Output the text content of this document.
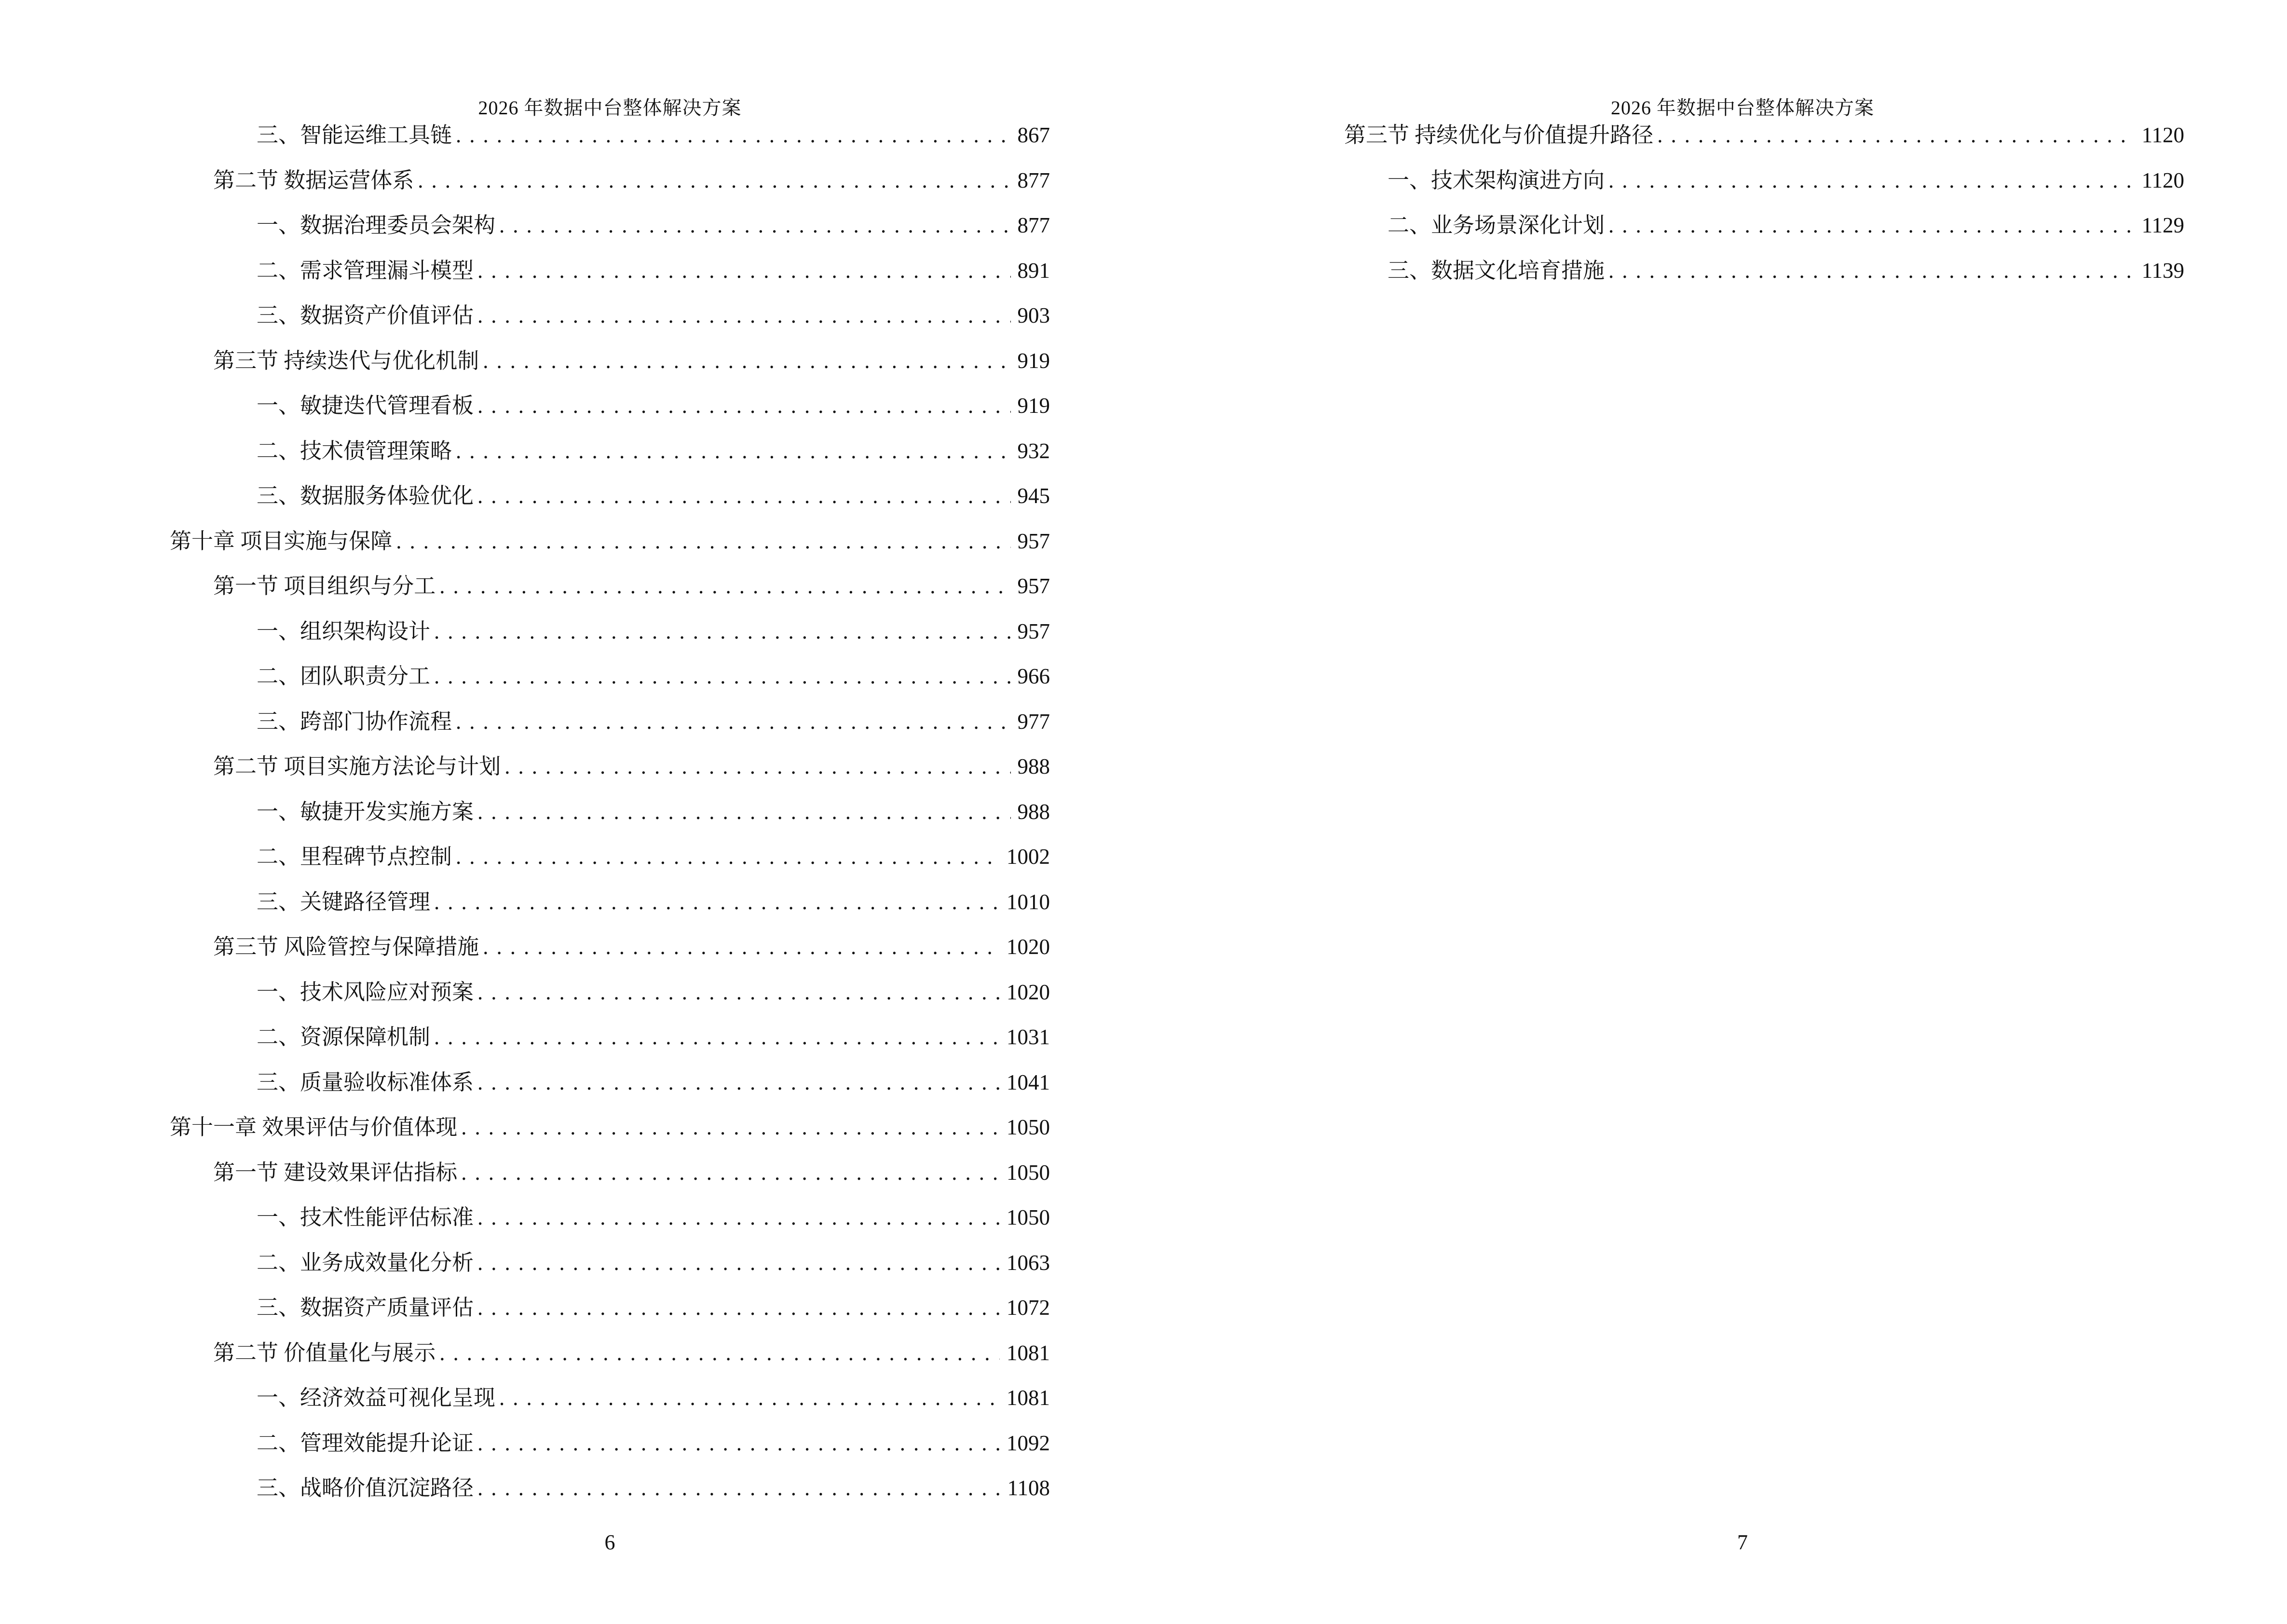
2026 年数据中台整体解决方案
三、智能运维工具链 .....	867
第二节 数据运营体系 .....	877
一、数据治理委员会架构 .....	877
二、需求管理漏斗模型 .....	891
三、数据资产价值评估 .....	903
第三节 持续迭代与优化机制 .....	919
一、敏捷迭代管理看板 .....	919
二、技术债管理策略 .....	932
三、数据服务体验优化 .....	945
第十章 项目实施与保障 .....	957
第一节 项目组织与分工 .....	957
一、组织架构设计 .....	957
二、团队职责分工 .....	966
三、跨部门协作流程 .....	977
第二节 项目实施方法论与计划 .....	988
一、敏捷开发实施方案 .....	988
二、里程碑节点控制 .....	1002
三、关键路径管理 .....	1010
第三节 风险管控与保障措施 .....	1020
一、技术风险应对预案 .....	1020
二、资源保障机制 .....	1031
三、质量验收标准体系 .....	1041
第十一章 效果评估与价值体现 .....	1050
第一节 建设效果评估指标 .....	1050
一、技术性能评估标准 .....	1050
二、业务成效量化分析 .....	1063
三、数据资产质量评估 .....	1072
第二节 价值量化与展示 .....	1081
一、经济效益可视化呈现 .....	1081
二、管理效能提升论证 .....	1092
三、战略价值沉淀路径 .....	1108
6
2026 年数据中台整体解决方案
第三节 持续优化与价值提升路径 .....	1120
一、技术架构演进方向 .....	1120
二、业务场景深化计划 .....	1129
三、数据文化培育措施 .....	1139
7
